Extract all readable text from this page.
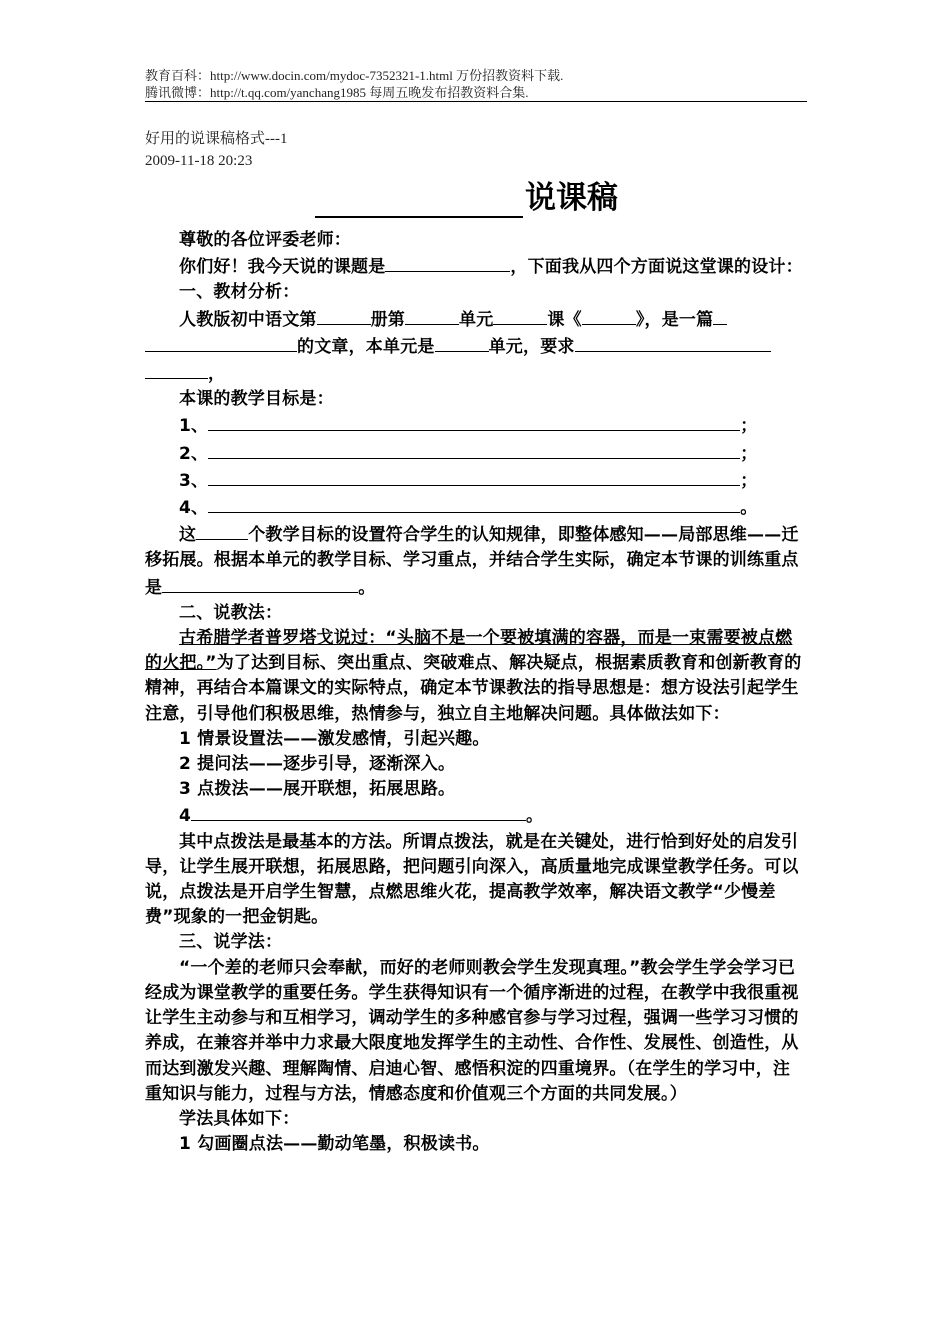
教育百科：http://www.docin.com/mydoc-7352321-1.html 万份招教资料下载.
腾讯微博：http://t.qq.com/yanchang1985 每周五晚发布招教资料合集.
好用的说课稿格式---1
2009-11-18 20:23
说课稿

尊敬的各位评委老师：

你们好！我今天说的课题是	，下面我从四个方面说这堂课的设计：

一、教材分析：

人教版初中语文第	册第	单元	课《	》，是一篇
的文章，本单元是	单元，要求
，

本课的教学目标是：

1、	；

2、	；

3、	；

4、	。

这	个教学目标的设置符合学生的认知规律，即整体感知——局部思维——迁移拓展。根据本单元的教学目标、学习重点，并结合学生实际，确定本节课的训练重点是	。

二、说教法：

古希腊学者普罗塔戈说过：“头脑不是一个要被填满的容器，而是一束需要被点燃的火把。”为了达到目标、突出重点、突破难点、解决疑点，根据素质教育和创新教育的精神，再结合本篇课文的实际特点，确定本节课教法的指导思想是：想方设法引起学生注意，引导他们积极思维，热情参与，独立自主地解决问题。具体做法如下：

1 情景设置法——激发感情，引起兴趣。

2 提问法——逐步引导，逐渐深入。

3 点拨法——展开联想，拓展思路。

4	。

其中点拨法是最基本的方法。所谓点拨法，就是在关键处，进行恰到好处的启发引导，让学生展开联想，拓展思路，把问题引向深入，高质量地完成课堂教学任务。可以说，点拨法是开启学生智慧，点燃思维火花，提高教学效率，解决语文教学“少慢差费”现象的一把金钥匙。

三、说学法：

“一个差的老师只会奉献，而好的老师则教会学生发现真理。”教会学生学会学习已经成为课堂教学的重要任务。学生获得知识有一个循序渐进的过程，在教学中我很重视让学生主动参与和互相学习，调动学生的多种感官参与学习过程，强调一些学习习惯的养成，在兼容并举中力求最大限度地发挥学生的主动性、合作性、发展性、创造性，从而达到激发兴趣、理解陶情、启迪心智、感悟积淀的四重境界。（在学生的学习中，注重知识与能力，过程与方法，情感态度和价值观三个方面的共同发展。）

学法具体如下：

1 勾画圈点法——勤动笔墨，积极读书。
